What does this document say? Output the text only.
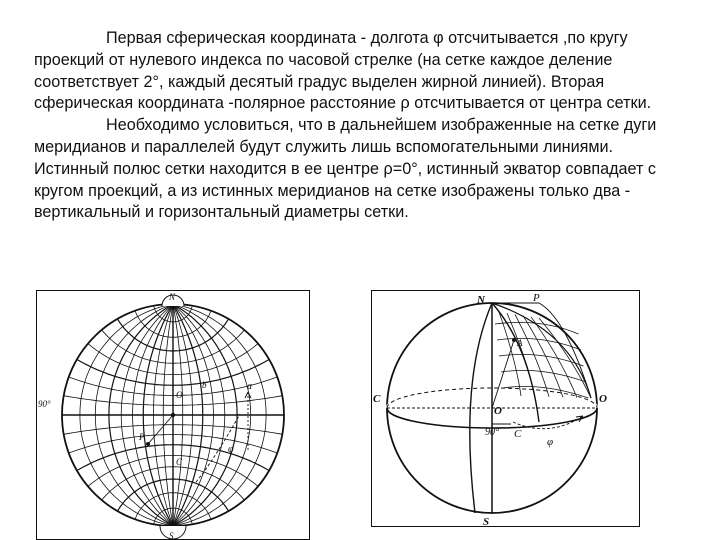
Первая сферическая координата - долгота φ отсчитывается ,по кругу проекций от нулевого индекса по часовой стрелке (на сетке каждое деление соответствует 2°, каждый десятый градус выделен жирной линией). Вторая сферическая координата -полярное расстояние ρ отсчитывается от центра сетки.

Необходимо условиться, что в дальнейшем изображенные на сетке дуги меридианов и параллелей будут служить лишь вспомогательными линиями. Истинный полюс сетки находится в ее центре ρ=0°, истинный экватор совпадает с кругом проекций, а из истинных меридианов на сетке изображены только два - вертикальный и горизонтальный диаметры сетки.

N
S
90°
a
b
O
P
C
φ
N	P
A
C
O
O
90° C
φ
S
